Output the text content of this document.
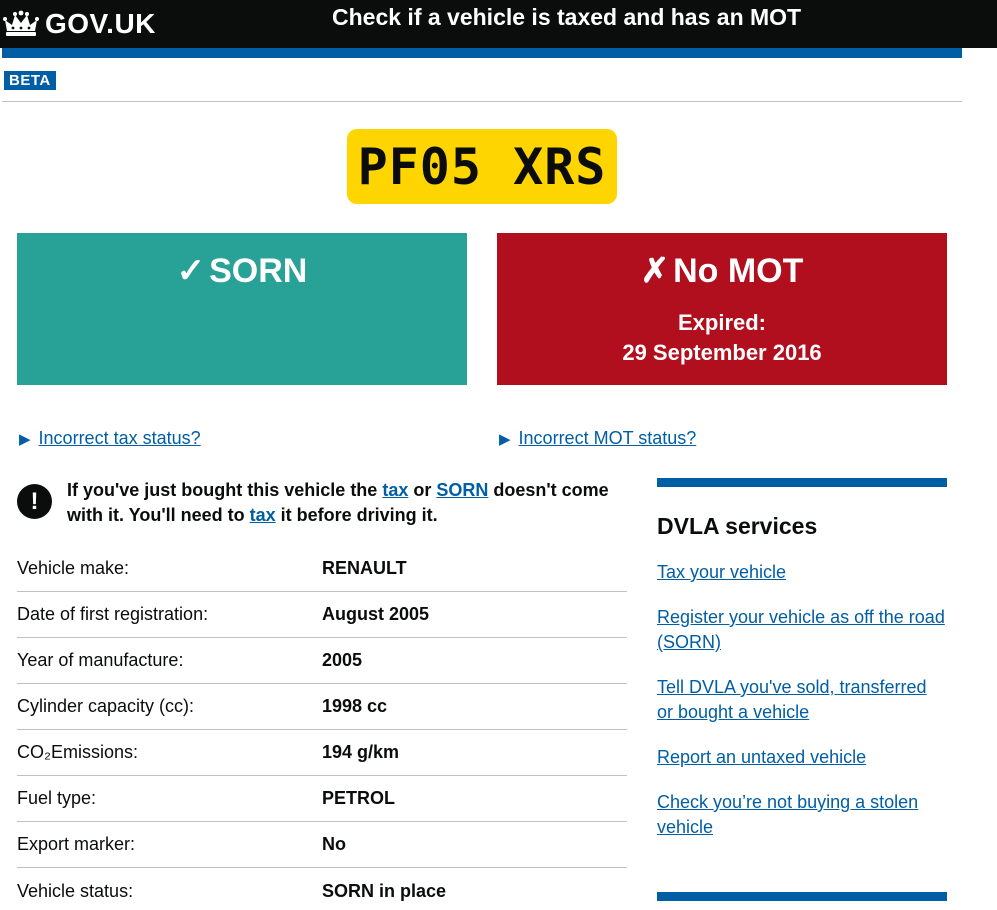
GOV.UK	Check if a vehicle is taxed and has an MOT
BETA
PF05 XRS
✓ SORN	✗ No MOT
Expired:
29 September 2016
▶ Incorrect tax status?	▶ Incorrect MOT status?
!	If you've just bought this vehicle the tax or SORN doesn't come with it. You'll need to tax it before driving it.
Vehicle make:	RENAULT
Date of first registration:	August 2005
Year of manufacture:	2005
Cylinder capacity (cc):	1998 cc
CO₂Emissions:	194 g/km
Fuel type:	PETROL
Export marker:	No
Vehicle status:	SORN in place
DVLA services
Tax your vehicle
Register your vehicle as off the road (SORN)
Tell DVLA you've sold, transferred or bought a vehicle
Report an untaxed vehicle
Check you’re not buying a stolen vehicle
